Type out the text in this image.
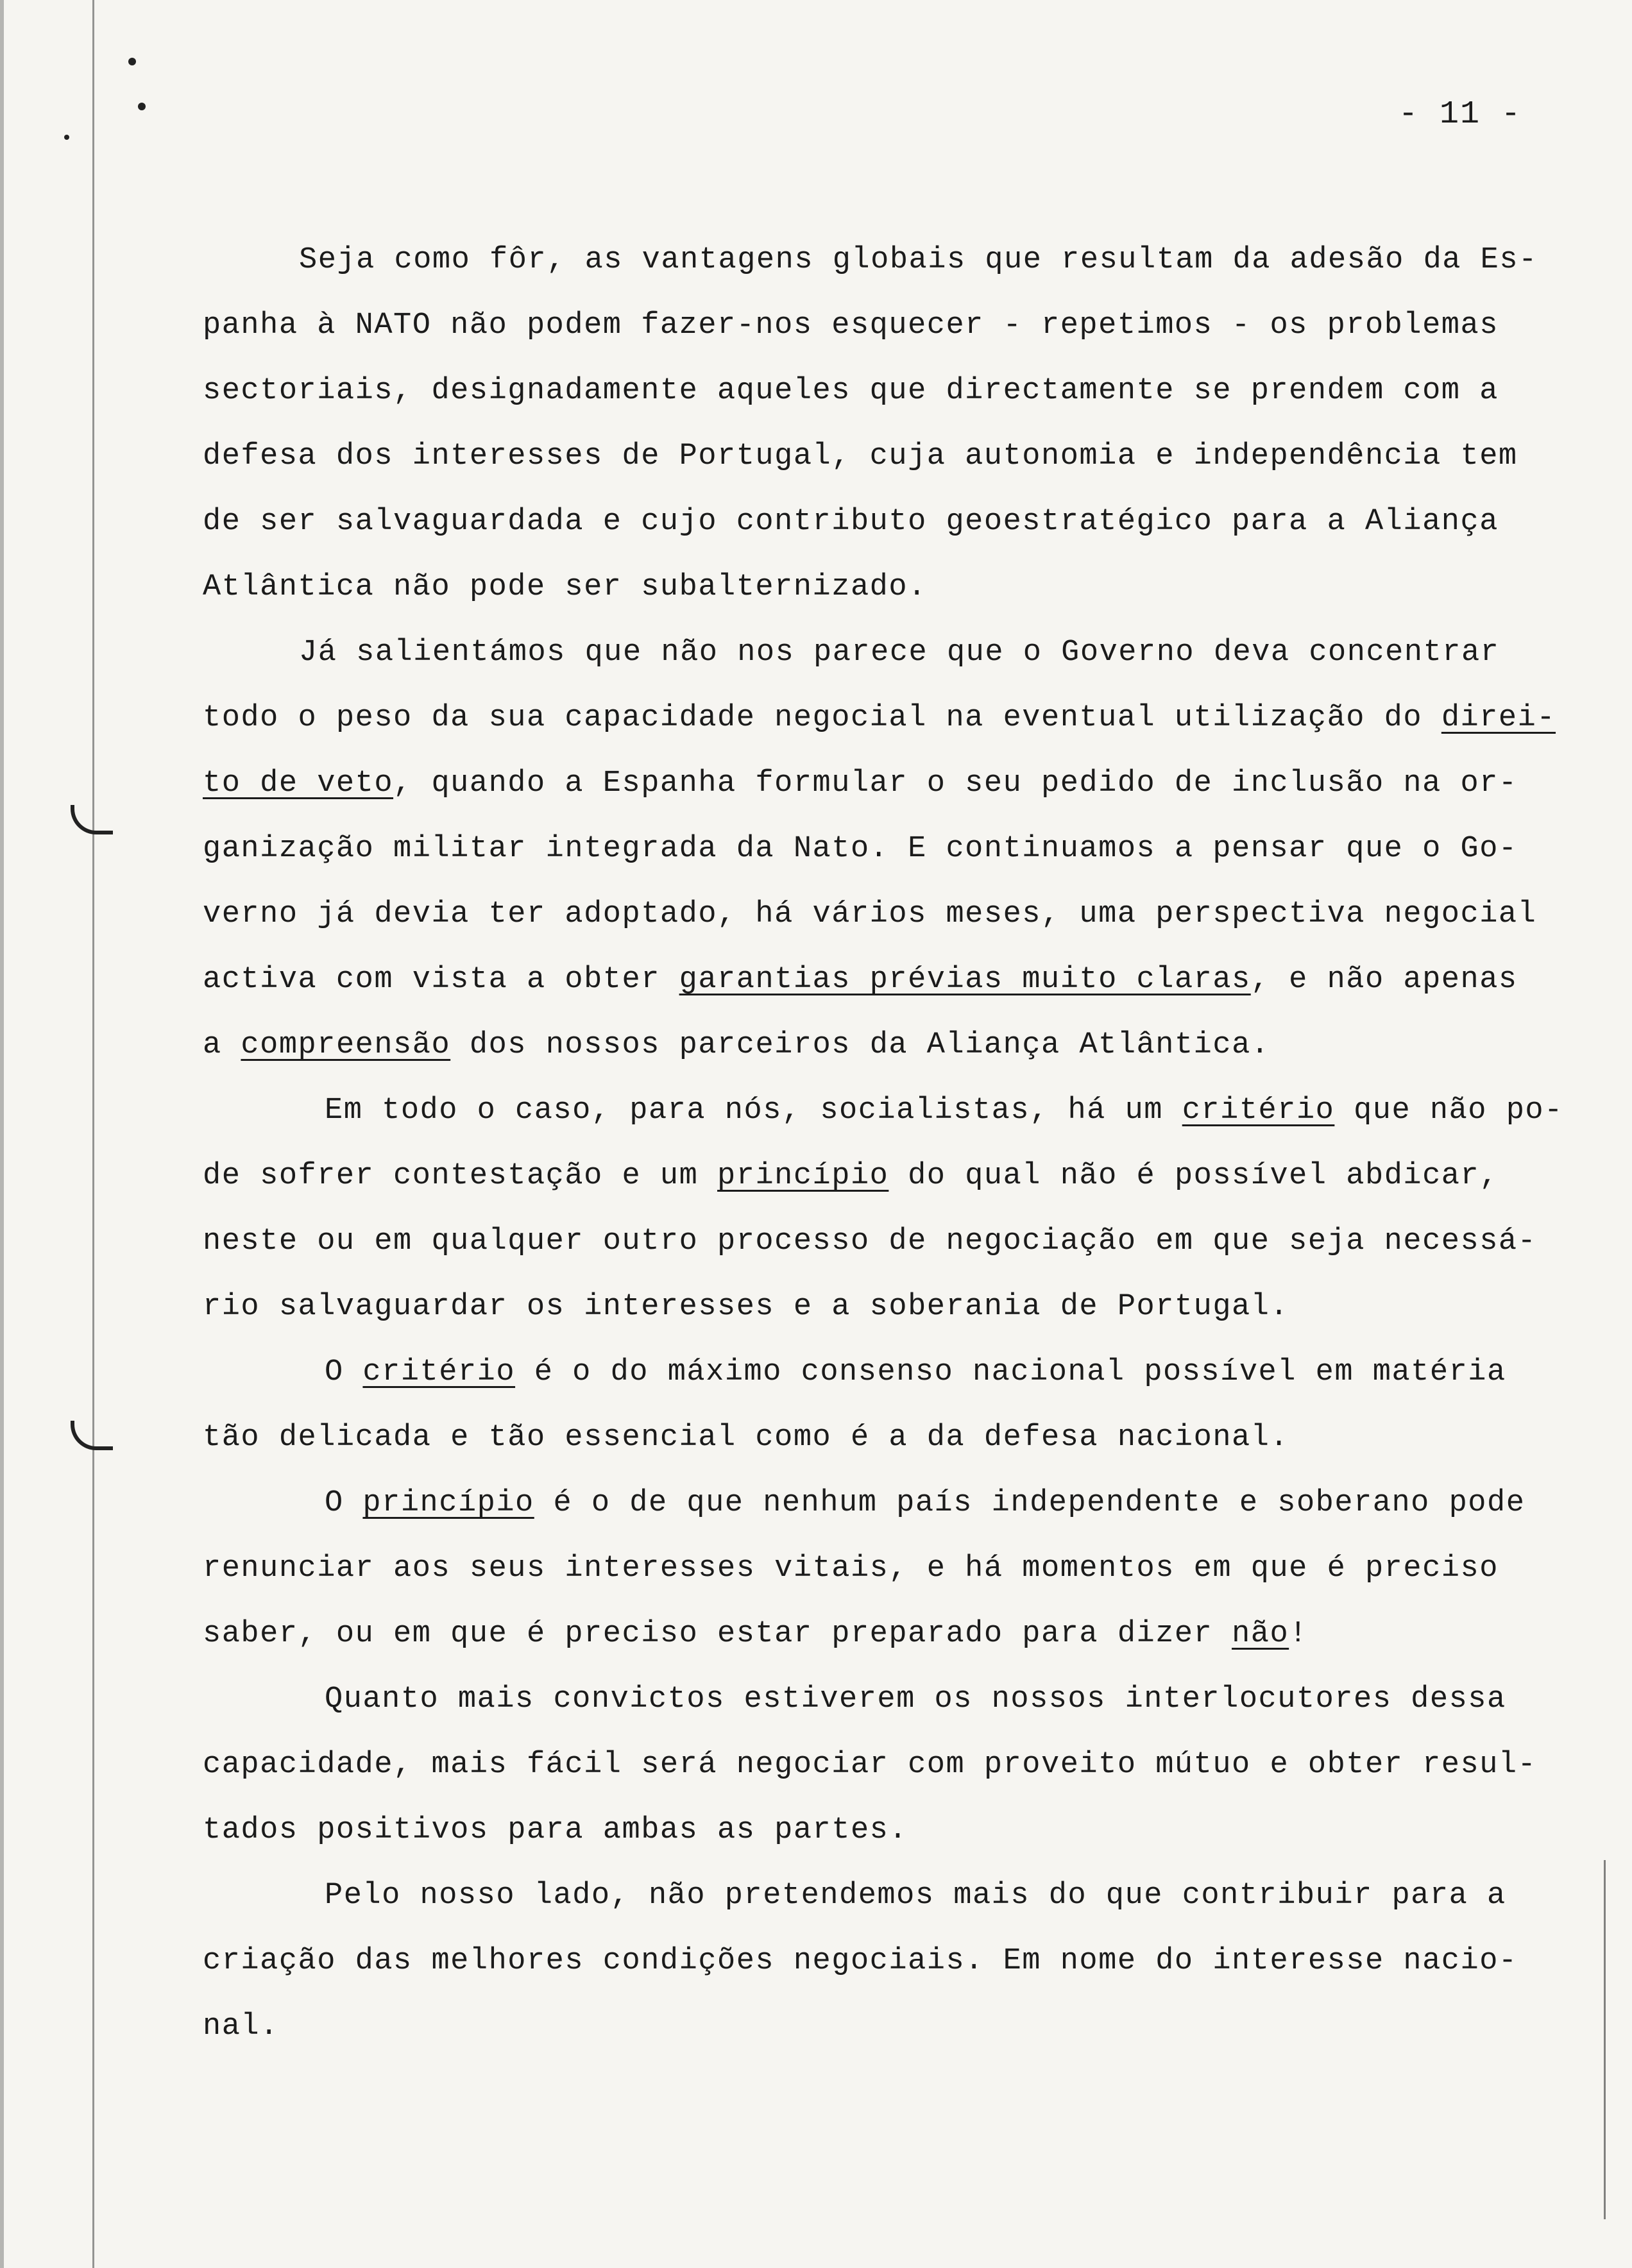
- 11 -
Seja como fôr, as vantagens globais que resultam da adesão da Es-
panha à NATO não podem fazer-nos esquecer - repetimos - os problemas
sectoriais, designadamente aqueles que directamente se prendem com a
defesa dos interesses de Portugal, cuja autonomia e independência tem
de ser salvaguardada e cujo contributo geoestratégico para a Aliança
Atlântica não pode ser subalternizado.
Já salientámos que não nos parece que o Governo deva concentrar
todo o peso da sua capacidade negocial na eventual utilização do direi-
to de veto, quando a Espanha formular o seu pedido de inclusão na or-
ganização militar integrada da Nato. E continuamos a pensar que o Go-
verno já devia ter adoptado, há vários meses, uma perspectiva negocial
activa com vista a obter garantias prévias muito claras, e não apenas
a compreensão dos nossos parceiros da Aliança Atlântica.
Em todo o caso, para nós, socialistas, há um critério que não po-
de sofrer contestação e um princípio do qual não é possível abdicar,
neste ou em qualquer outro processo de negociação em que seja necessá-
rio salvaguardar os interesses e a soberania de Portugal.
O critério é o do máximo consenso nacional possível em matéria
tão delicada e tão essencial como é a da defesa nacional.
O princípio é o de que nenhum país independente e soberano pode
renunciar aos seus interesses vitais, e há momentos em que é preciso
saber, ou em que é preciso estar preparado para dizer não!
Quanto mais convictos estiverem os nossos interlocutores dessa
capacidade, mais fácil será negociar com proveito mútuo e obter resul-
tados positivos para ambas as partes.
Pelo nosso lado, não pretendemos mais do que contribuir para a
criação das melhores condições negociais. Em nome do interesse nacio-
nal.
